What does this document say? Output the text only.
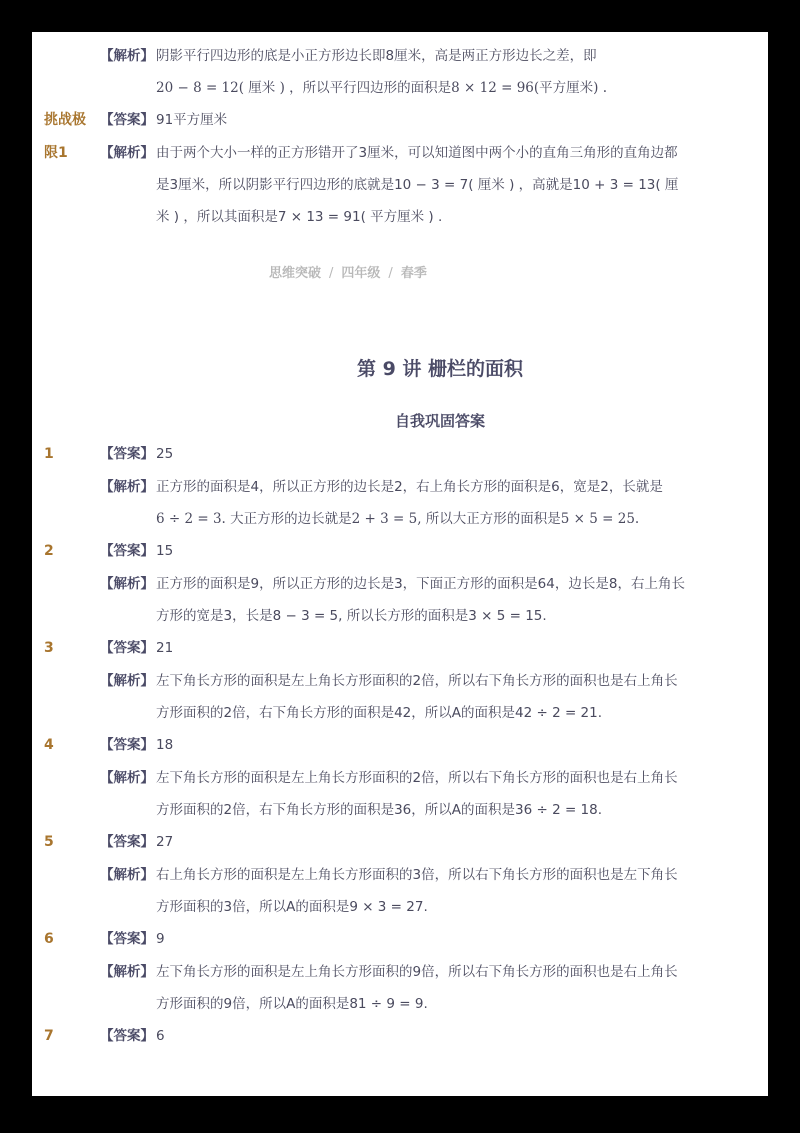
【解析】 阴影平行四边形的底是小正方形边长即8厘米，高是两正方形边长之差，即
20 − 8 = 12( 厘米 ) ，所以平行四边形的面积是8 × 12 = 96(平方厘米) .
挑战极 【答案】 91平方厘米
限1 【解析】 由于两个大小一样的正方形错开了3厘米，可以知道图中两个小的直角三角形的直角边都
是3厘米，所以阴影平行四边形的底就是10 − 3 = 7( 厘米 ) ，高就是10 + 3 = 13( 厘
米 ) ，所以其面积是7 × 13 = 91( 平方厘米 ) .
思维突破 / 四年级 / 春季
第 9 讲 栅栏的面积
自我巩固答案
1	【答案】 25
【解析】 正方形的面积是4，所以正方形的边长是2，右上角长方形的面积是6，宽是2，长就是
6 ÷ 2 = 3. 大正方形的边长就是2 + 3 = 5, 所以大正方形的面积是5 × 5 = 25.
2	【答案】 15
【解析】 正方形的面积是9，所以正方形的边长是3，下面正方形的面积是64，边长是8，右上角长
方形的宽是3，长是8 − 3 = 5, 所以长方形的面积是3 × 5 = 15.
3	【答案】 21
【解析】 左下角长方形的面积是左上角长方形面积的2倍，所以右下角长方形的面积也是右上角长
方形面积的2倍，右下角长方形的面积是42，所以A的面积是42 ÷ 2 = 21.
4	【答案】 18
【解析】 左下角长方形的面积是左上角长方形面积的2倍，所以右下角长方形的面积也是右上角长
方形面积的2倍，右下角长方形的面积是36，所以A的面积是36 ÷ 2 = 18.
5	【答案】 27
【解析】 右上角长方形的面积是左上角长方形面积的3倍，所以右下角长方形的面积也是左下角长
方形面积的3倍，所以A的面积是9 × 3 = 27.
6	【答案】 9
【解析】 左下角长方形的面积是左上角长方形面积的9倍，所以右下角长方形的面积也是右上角长
方形面积的9倍，所以A的面积是81 ÷ 9 = 9.
7	【答案】 6
